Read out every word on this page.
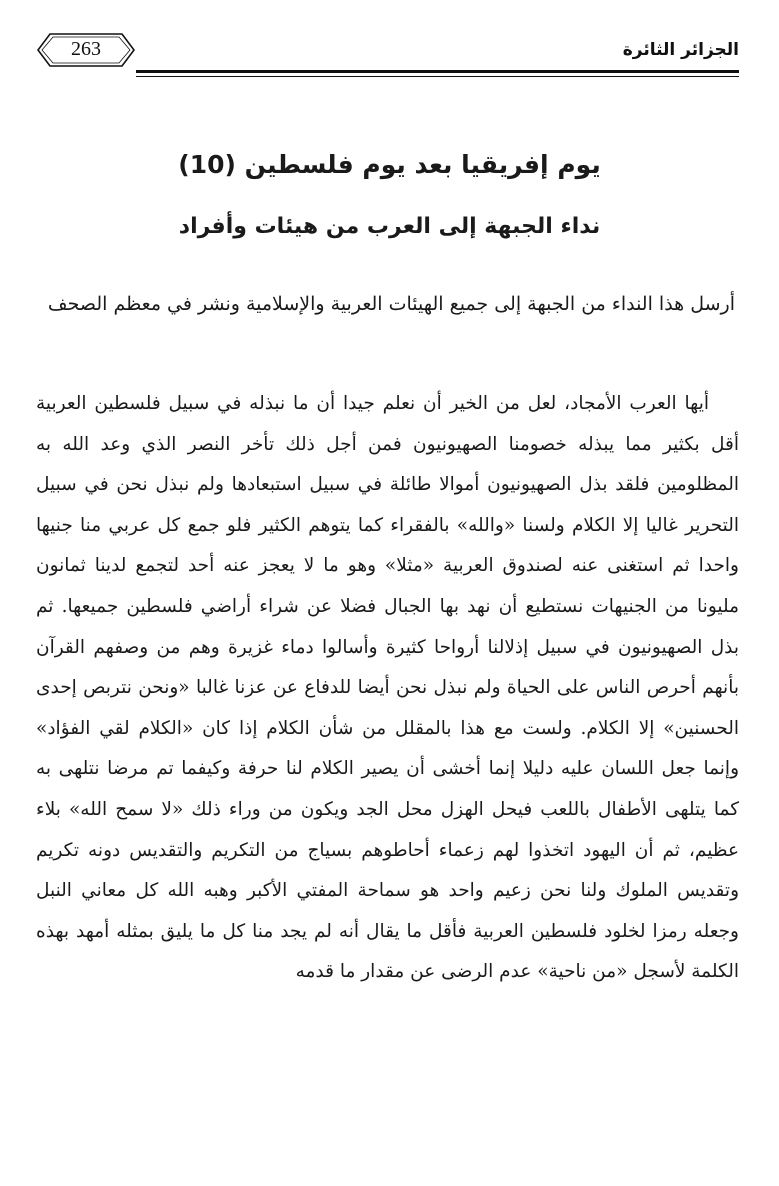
263	الجزائر الثائرة
يوم إفريقيا بعد يوم فلسطين (10)
نداء الجبهة إلى العرب من هيئات وأفراد
أرسل هذا النداء من الجبهة إلى جميع الهيئات العربية والإسلامية ونشر في معظم الصحف
أيها العرب الأمجاد، لعل من الخير أن نعلم جيدا أن ما نبذله في سبيل فلسطين العربية أقل بكثير مما يبذله خصومنا الصهيونيون فمن أجل ذلك تأخر النصر الذي وعد الله به المظلومين فلقد بذل الصهيونيون أموالا طائلة في سبيل استبعادها ولم نبذل نحن في سبيل التحرير غاليا إلا الكلام ولسنا «والله» بالفقراء كما يتوهم الكثير فلو جمع كل عربي منا جنيها واحدا ثم استغنى عنه لصندوق العربية «مثلا» وهو ما لا يعجز عنه أحد لتجمع لدينا ثمانون مليونا من الجنيهات نستطيع أن نهد بها الجبال فضلا عن شراء أراضي فلسطين جميعها. ثم بذل الصهيونيون في سبيل إذلالنا أرواحا كثيرة وأسالوا دماء غزيرة وهم من وصفهم القرآن بأنهم أحرص الناس على الحياة ولم نبذل نحن أيضا للدفاع عن عزنا غالبا «ونحن نتربص إحدى الحسنين» إلا الكلام. ولست مع هذا بالمقلل من شأن الكلام إذا كان «الكلام لقي الفؤاد» وإنما جعل اللسان عليه دليلا إنما أخشى أن يصير الكلام لنا حرفة وكيفما تم مرضا نتلهى به كما يتلهى الأطفال باللعب فيحل الهزل محل الجد ويكون من وراء ذلك «لا سمح الله» بلاء عظيم، ثم أن اليهود اتخذوا لهم زعماء أحاطوهم بسياج من التكريم والتقديس دونه تكريم وتقديس الملوك ولنا نحن زعيم واحد هو سماحة المفتي الأكبر وهبه الله كل معاني النبل وجعله رمزا لخلود فلسطين العربية فأقل ما يقال أنه لم يجد منا كل ما يليق بمثله أمهد بهذه الكلمة لأسجل «من ناحية» عدم الرضى عن مقدار ما قدمه
